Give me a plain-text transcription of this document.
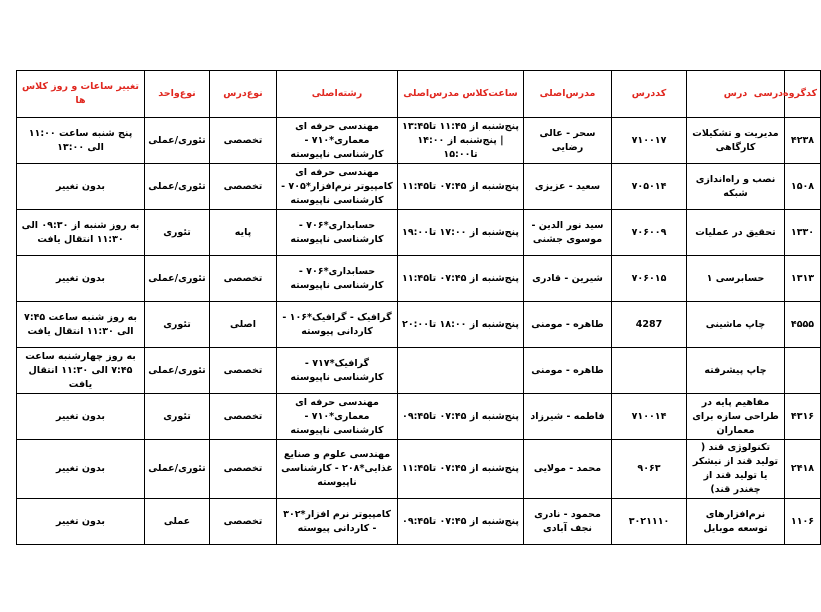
کدگروه‌درسی	درس	کددرس	مدرس‌اصلی	ساعت‌کلاس مدرس‌اصلی	رشته‌اصلی	نوع‌درس	نوع‌واحد	تغییر ساعات و روز کلاس ها
۴۲۳۸	مدیریت و تشکیلات کارگاهی	۷۱۰۰۱۷	سحر - عالی رضایی	پنج‌شنبه از ۱۱:۴۵ تا۱۳:۴۵ | پنج‌شنبه از ۱۴:۰۰ تا۱۵:۰۰	مهندسی حرفه ای معماری*۷۱۰ - کارشناسی ناپیوسته	تخصصی	تئوری/عملی	پنج شنبه ساعت ۱۱:۰۰ الی ۱۳:۰۰
۱۵۰۸	نصب و راه‌اندازی شبکه	۷۰۵۰۱۴	سعید - عزیزی	پنج‌شنبه از ۰۷:۴۵ تا۱۱:۴۵	مهندسی حرفه ای کامپیوتر نرم‌افزار*۷۰۵ - کارشناسی ناپیوسته	تخصصی	تئوری/عملی	بدون تغییر
۱۳۳۰	تحقیق در عملیات	۷۰۶۰۰۹	سید نور الدین - موسوی جشنی	پنج‌شنبه از ۱۷:۰۰ تا۱۹:۰۰	حسابداری*۷۰۶ - کارشناسی ناپیوسته	پایه	تئوری	به روز شنبه از ۰۹:۳۰ الی ۱۱:۳۰ انتقال یافت
۱۳۱۳	حسابرسی ۱	۷۰۶۰۱۵	شیرین - قادری	پنج‌شنبه از ۰۷:۴۵ تا۱۱:۴۵	حسابداری*۷۰۶ - کارشناسی ناپیوسته	تخصصی	تئوری/عملی	بدون تغییر
۴۵۵۵	چاپ ماشینی	4287	طاهره - مومنی	پنج‌شنبه از ۱۸:۰۰ تا۲۰:۰۰	گرافیک - گرافیک*۱۰۶ - کاردانی پیوسته	اصلی	تئوری	به روز شنبه ساعت ۷:۴۵ الی ۱۱:۳۰ انتقال یافت
	چاپ پیشرفته		طاهره - مومنی		گرافیک*۷۱۷ - کارشناسی ناپیوسته	تخصصی	تئوری/عملی	به روز چهارشنبه ساعت ۷:۴۵ الی ۱۱:۳۰ انتقال یافت
۴۳۱۶	مفاهیم پایه در طراحی سازه برای معماران	۷۱۰۰۱۴	فاطمه - شیرزاد	پنج‌شنبه از ۰۷:۴۵ تا۰۹:۴۵	مهندسی حرفه ای معماری*۷۱۰ - کارشناسی ناپیوسته	تخصصی	تئوری	بدون تغییر
۲۴۱۸	تکنولوژی قند ( تولید قند از نیشکر یا تولید قند از چغندر قند)	۹۰۶۳	محمد - مولایی	پنج‌شنبه از ۰۷:۴۵ تا۱۱:۴۵	مهندسی علوم و صنایع غذایی*۲۰۸ - کارشناسی ناپیوسته	تخصصی	تئوری/عملی	بدون تغییر
۱۱۰۶	نرم‌افزارهای توسعه موبایل	۳۰۲۱۱۱۰	محمود - نادری نجف آبادی	پنج‌شنبه از ۰۷:۴۵ تا۰۹:۴۵	کامپیوتر نرم افزار*۳۰۲ - کاردانی پیوسته	تخصصی	عملی	بدون تغییر
